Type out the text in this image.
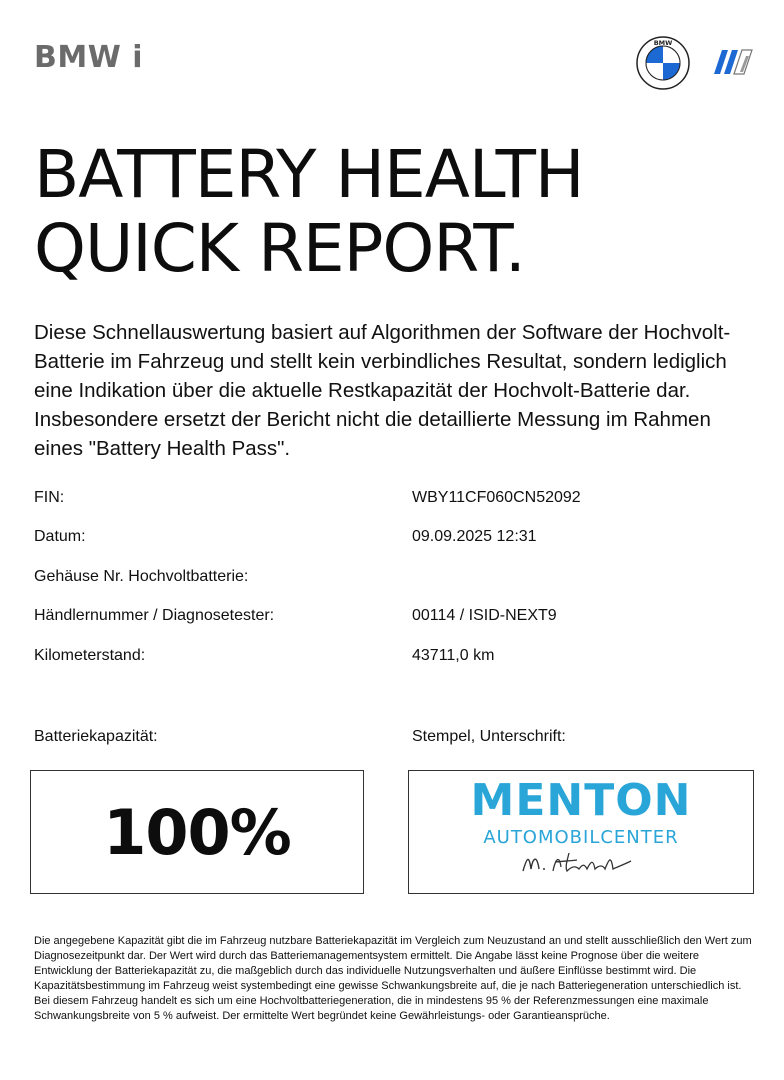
BMW i	BMW
BATTERY HEALTH
QUICK REPORT.

Diese Schnellauswertung basiert auf Algorithmen der Software der Hochvolt-Batterie im Fahrzeug und stellt kein verbindliches Resultat, sondern lediglich eine Indikation über die aktuelle Restkapazität der Hochvolt-Batterie dar. Insbesondere ersetzt der Bericht nicht die detaillierte Messung im Rahmen eines "Battery Health Pass".

FIN:	WBY11CF060CN52092
Datum:	09.09.2025 12:31
Gehäuse Nr. Hochvoltbatterie:
Händlernummer / Diagnosetester:	00114 / ISID-NEXT9
Kilometerstand:	43711,0 km
Batteriekapazität:	Stempel, Unterschrift:
100%	MENTON
AUTOMOBILCENTER

Die angegebene Kapazität gibt die im Fahrzeug nutzbare Batteriekapazität im Vergleich zum Neuzustand an und stellt ausschließlich den Wert zum Diagnosezeitpunkt dar. Der Wert wird durch das Batteriemanagementsystem ermittelt. Die Angabe lässt keine Prognose über die weitere Entwicklung der Batteriekapazität zu, die maßgeblich durch das individuelle Nutzungsverhalten und äußere Einflüsse bestimmt wird. Die Kapazitätsbestimmung im Fahrzeug weist systembedingt eine gewisse Schwankungsbreite auf, die je nach Batteriegeneration unterschiedlich ist. Bei diesem Fahrzeug handelt es sich um eine Hochvoltbatteriegeneration, die in mindestens 95 % der Referenzmessungen eine maximale Schwankungsbreite von 5 % aufweist. Der ermittelte Wert begründet keine Gewährleistungs- oder Garantieansprüche.
